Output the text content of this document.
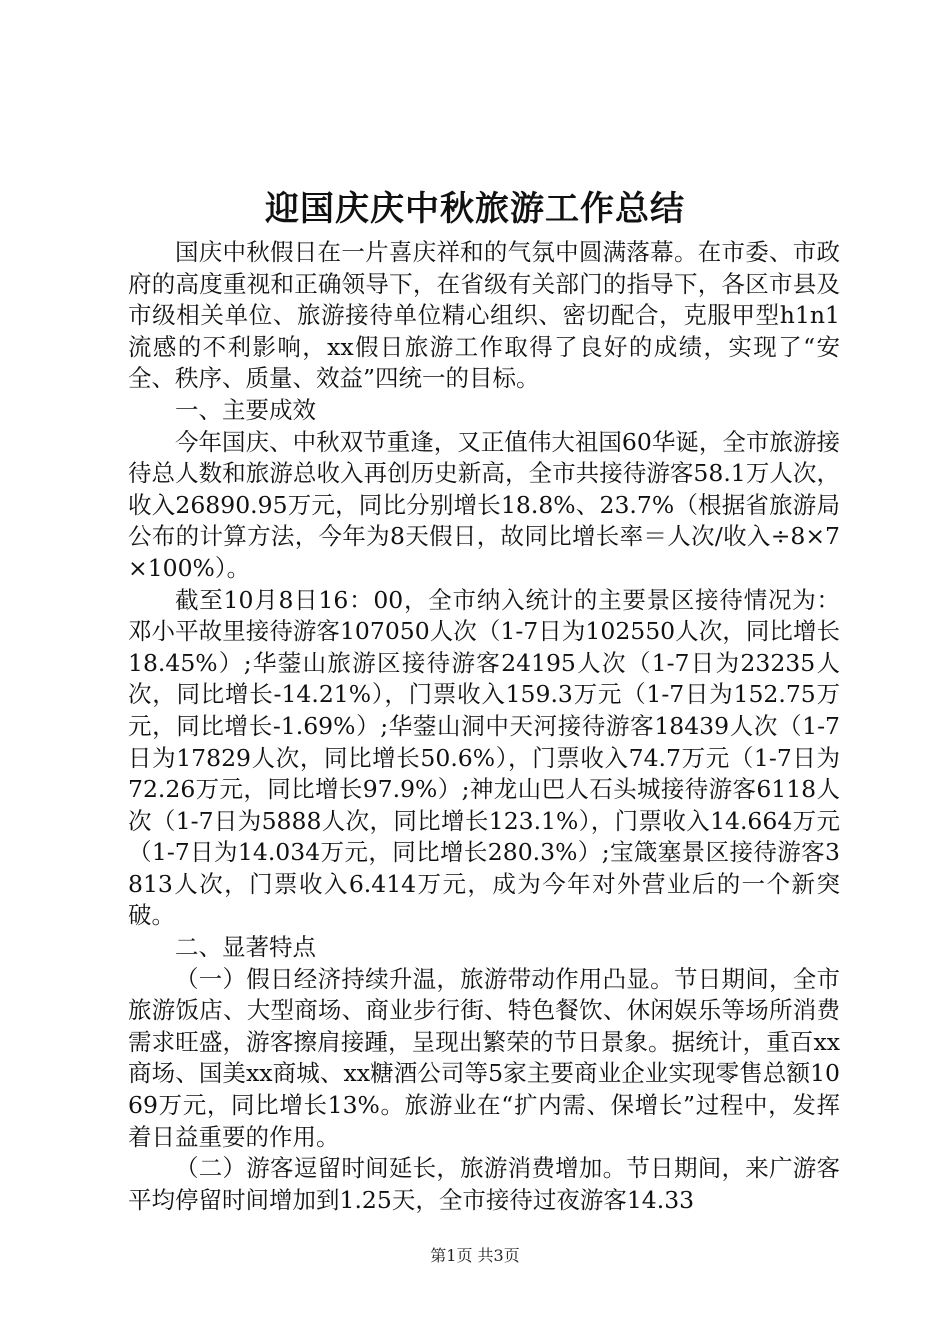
迎国庆庆中秋旅游工作总结

国庆中秋假日在一片喜庆祥和的气氛中圆满落幕。在市委、市政府的高度重视和正确领导下，在省级有关部门的指导下，各区市县及市级相关单位、旅游接待单位精心组织、密切配合，克服甲型h1n1流感的不利影响，xx假日旅游工作取得了良好的成绩，实现了“安全、秩序、质量、效益”四统一的目标。

一、主要成效

今年国庆、中秋双节重逢，又正值伟大祖国60华诞，全市旅游接待总人数和旅游总收入再创历史新高，全市共接待游客58.1万人次，收入26890.95万元，同比分别增长18.8%、23.7%（根据省旅游局公布的计算方法，今年为8天假日，故同比增长率＝人次/收入÷8×7×100%）。

截至10月8日16：00，全市纳入统计的主要景区接待情况为：邓小平故里接待游客107050人次（1-7日为102550人次，同比增长18.45%）;华蓥山旅游区接待游客24195人次（1-7日为23235人次，同比增长-14.21%），门票收入159.3万元（1-7日为152.75万元，同比增长-1.69%）;华蓥山洞中天河接待游客18439人次（1-7日为17829人次，同比增长50.6%），门票收入74.7万元（1-7日为72.26万元，同比增长97.9%）;神龙山巴人石头城接待游客6118人次（1-7日为5888人次，同比增长123.1%），门票收入14.664万元（1-7日为14.034万元，同比增长280.3%）;宝箴塞景区接待游客3813人次，门票收入6.414万元，成为今年对外营业后的一个新突破。

二、显著特点

（一）假日经济持续升温，旅游带动作用凸显。节日期间，全市旅游饭店、大型商场、商业步行街、特色餐饮、休闲娱乐等场所消费需求旺盛，游客擦肩接踵，呈现出繁荣的节日景象。据统计，重百xx商场、国美xx商城、xx糖酒公司等5家主要商业企业实现零售总额1069万元，同比增长13%。旅游业在“扩内需、保增长”过程中，发挥着日益重要的作用。

（二）游客逗留时间延长，旅游消费增加。节日期间，来广游客平均停留时间增加到1.25天，全市接待过夜游客14.33

第1页 共3页
